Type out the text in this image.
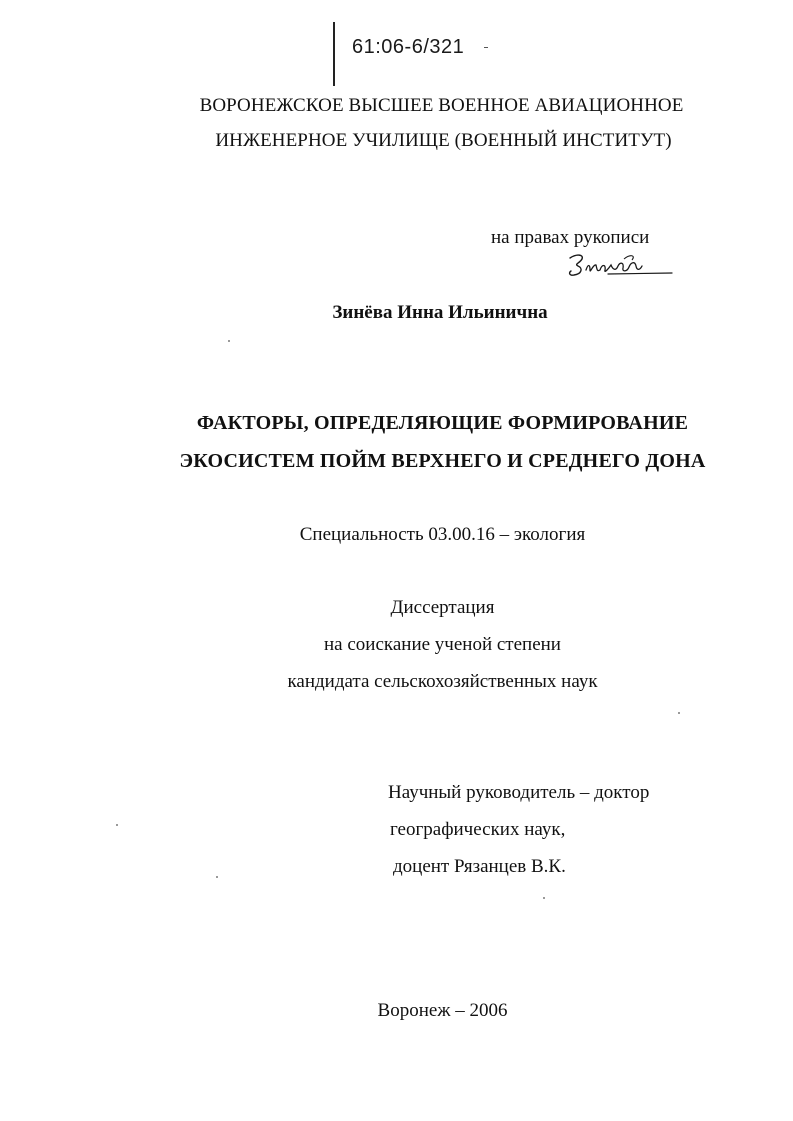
61:06-6/321
ВОРОНЕЖСКОЕ ВЫСШЕЕ ВОЕННОЕ АВИАЦИОННОЕ
ИНЖЕНЕРНОЕ УЧИЛИЩЕ (ВОЕННЫЙ ИНСТИТУТ)
на правах рукописи
Зинёва Инна Ильинична
ФАКТОРЫ, ОПРЕДЕЛЯЮЩИЕ ФОРМИРОВАНИЕ
ЭКОСИСТЕМ ПОЙМ ВЕРХНЕГО И СРЕДНЕГО ДОНА
Специальность 03.00.16 – экология
Диссертация
на соискание ученой степени
кандидата сельскохозяйственных наук
Научный руководитель – доктор
географических наук,
доцент Рязанцев В.К.
Воронеж – 2006
